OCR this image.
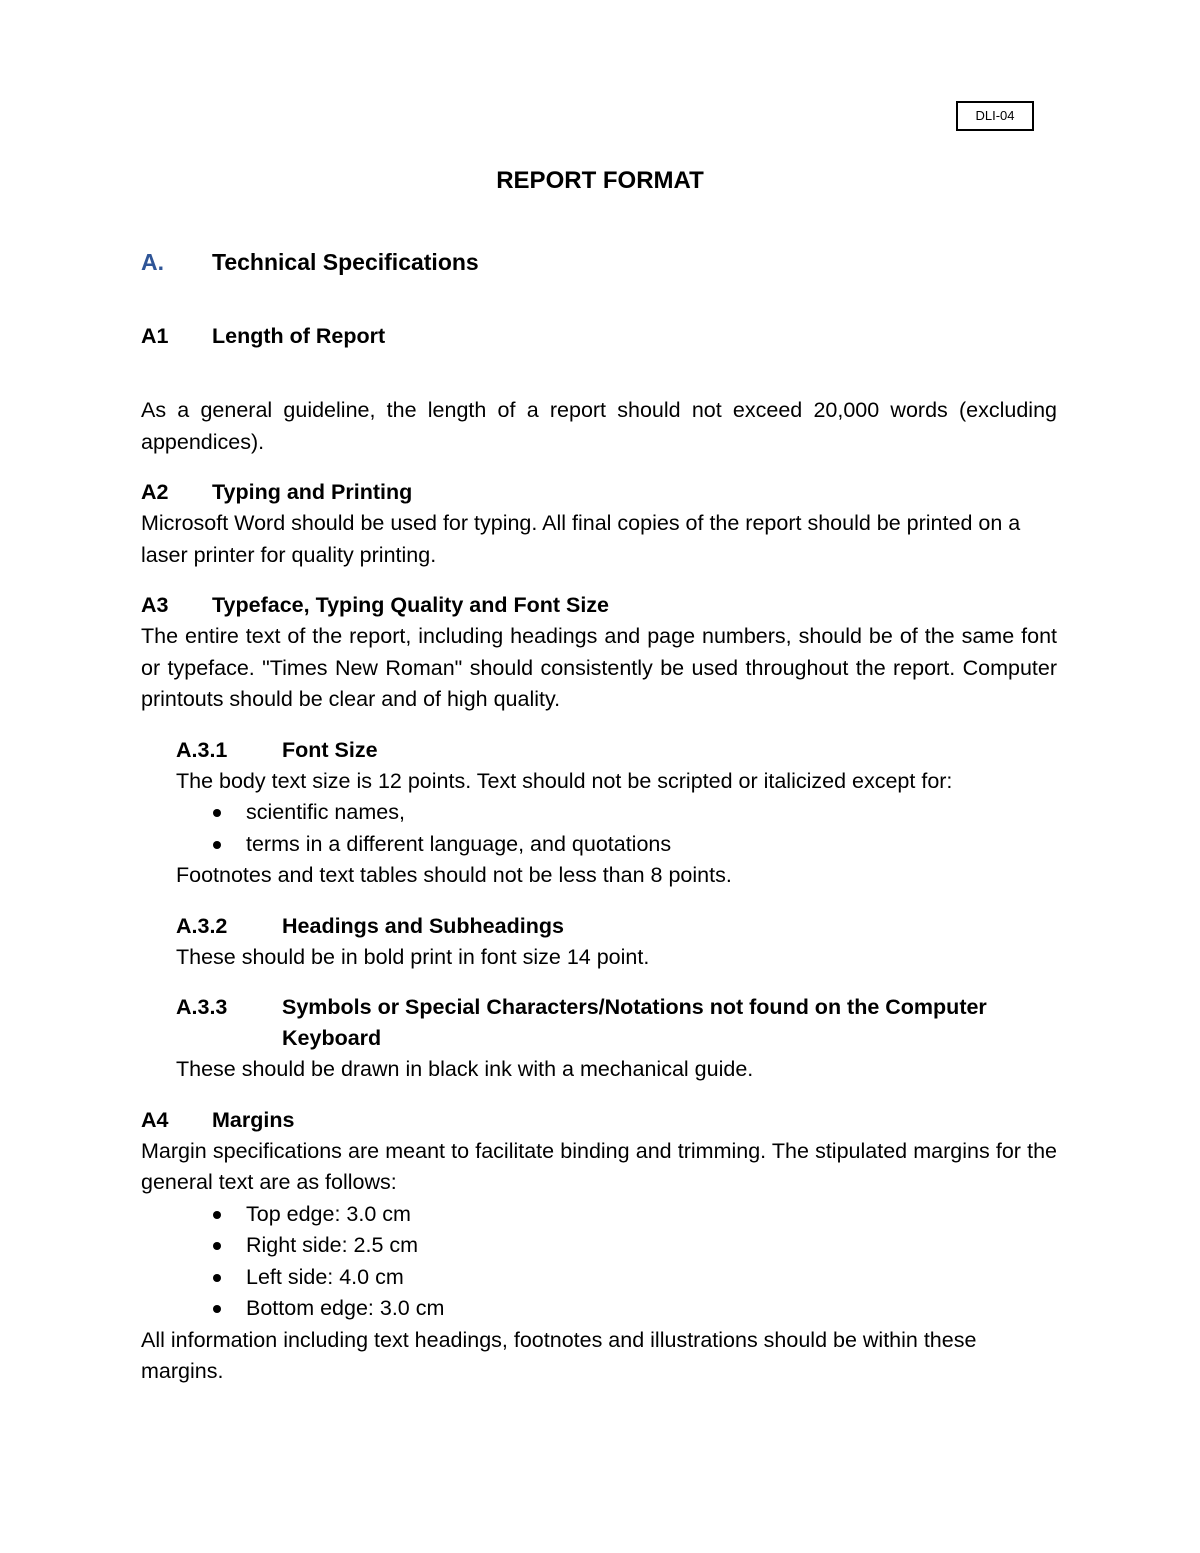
DLI-04
REPORT FORMAT
A.	Technical Specifications
A1	Length of Report

As a general guideline, the length of a report should not exceed 20,000 words (excluding appendices).

A2	Typing and Printing

Microsoft Word should be used for typing. All final copies of the report should be printed on a laser printer for quality printing.

A3	Typeface, Typing Quality and Font Size

The entire text of the report, including headings and page numbers, should be of the same font or typeface. "Times New Roman" should consistently be used throughout the report. Computer printouts should be clear and of high quality.

A.3.1	Font Size

The body text size is 12 points. Text should not be scripted or italicized except for:

scientific names,
terms in a different language, and quotations

Footnotes and text tables should not be less than 8 points.

A.3.2	Headings and Subheadings

These should be in bold print in font size 14 point.

A.3.3	Symbols or Special Characters/Notations not found on the Computer Keyboard

These should be drawn in black ink with a mechanical guide.

A4	Margins

Margin specifications are meant to facilitate binding and trimming. The stipulated margins for the general text are as follows:

Top edge: 3.0 cm
Right side: 2.5 cm
Left side: 4.0 cm
Bottom edge: 3.0 cm

All information including text headings, footnotes and illustrations should be within these margins.
